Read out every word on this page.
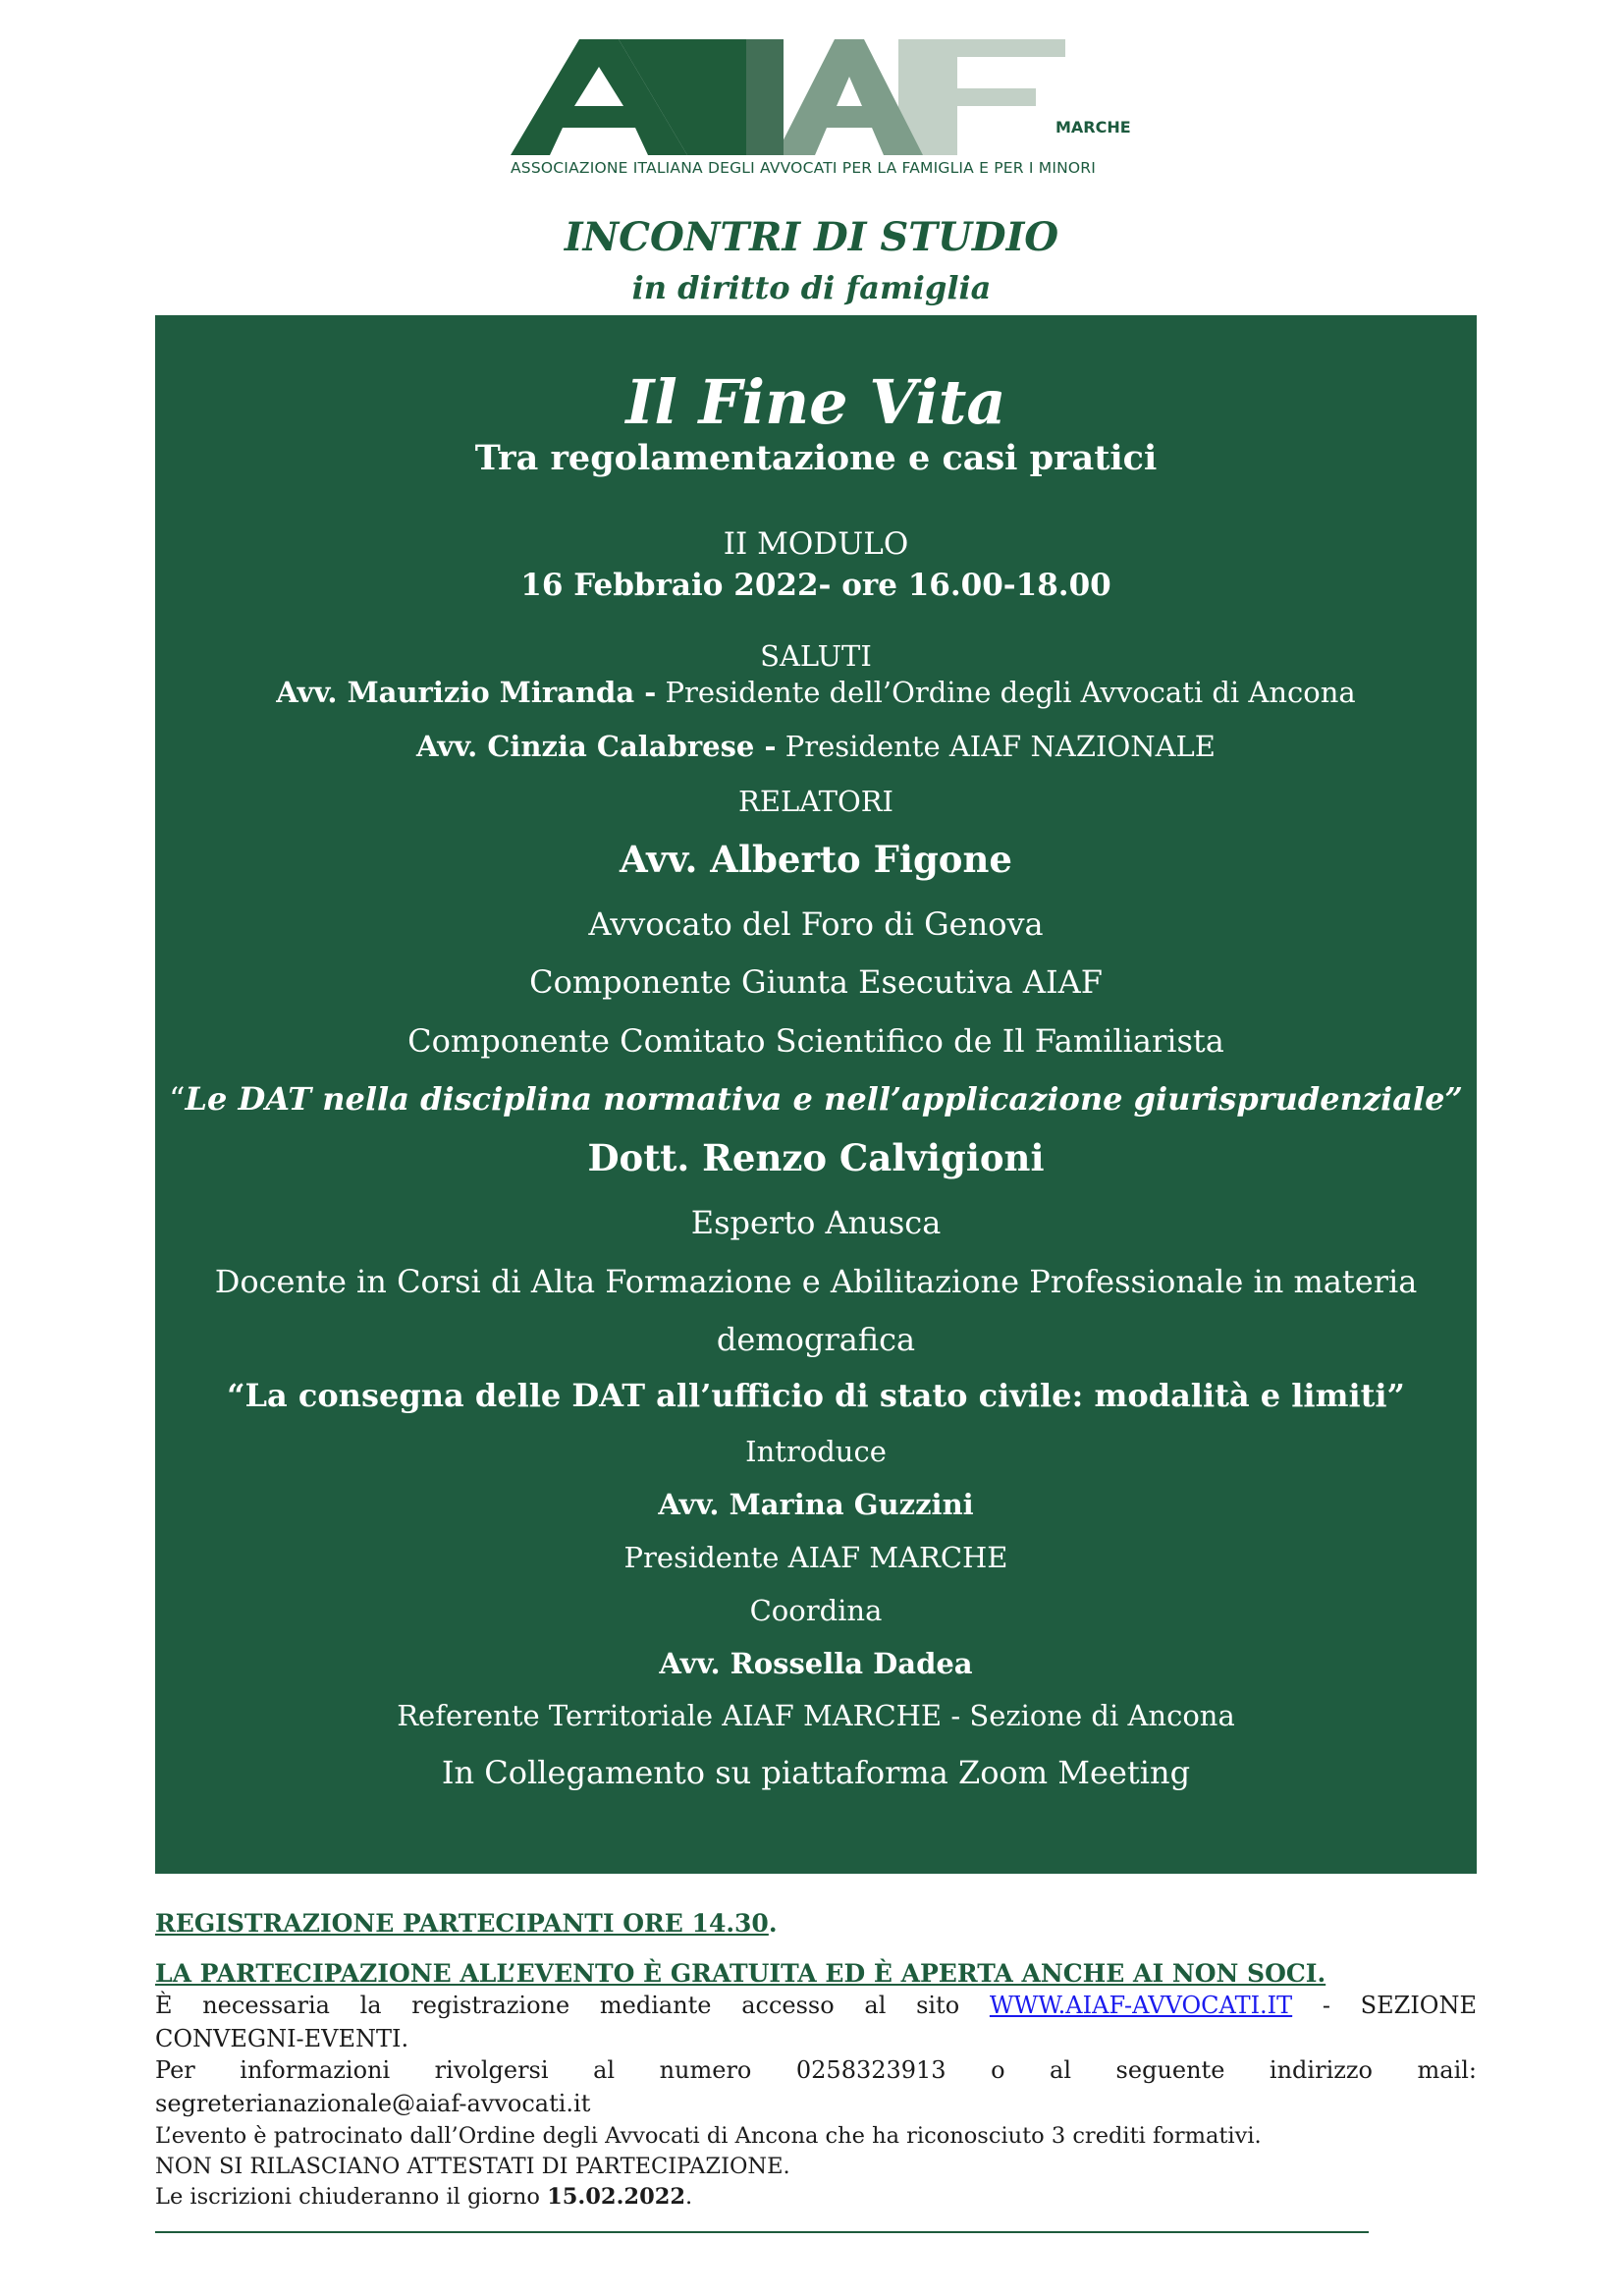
MARCHE
ASSOCIAZIONE ITALIANA DEGLI AVVOCATI PER LA FAMIGLIA E PER I MINORI
INCONTRI DI STUDIO
in diritto di famiglia
Il Fine Vita
Tra regolamentazione e casi pratici
II MODULO
16 Febbraio 2022- ore 16.00-18.00
SALUTI
Avv. Maurizio Miranda - Presidente dell’Ordine degli Avvocati di Ancona
Avv. Cinzia Calabrese - Presidente AIAF NAZIONALE
RELATORI
Avv. Alberto Figone
Avvocato del Foro di Genova
Componente Giunta Esecutiva AIAF
Componente Comitato Scientifico de Il Familiarista
“Le DAT nella disciplina normativa e nell’applicazione giurisprudenziale”
Dott. Renzo Calvigioni
Esperto Anusca
Docente in Corsi di Alta Formazione e Abilitazione Professionale in materia
demografica
“La consegna delle DAT all’ufficio di stato civile: modalità e limiti”
Introduce
Avv. Marina Guzzini
Presidente AIAF MARCHE
Coordina
Avv. Rossella Dadea
Referente Territoriale AIAF MARCHE - Sezione di Ancona
In Collegamento su piattaforma Zoom Meeting
REGISTRAZIONE PARTECIPANTI ORE 14.30.
LA PARTECIPAZIONE ALL’EVENTO È GRATUITA ED È APERTA ANCHE AI NON SOCI.
È necessaria la registrazione mediante accesso al sito WWW.AIAF-AVVOCATI.IT - SEZIONE
CONVEGNI-EVENTI.
Per informazioni rivolgersi al numero 0258323913 o al seguente indirizzo mail:
segreterianazionale@aiaf-avvocati.it
L’evento è patrocinato dall’Ordine degli Avvocati di Ancona che ha riconosciuto 3 crediti formativi.
NON SI RILASCIANO ATTESTATI DI PARTECIPAZIONE.
Le iscrizioni chiuderanno il giorno 15.02.2022.
